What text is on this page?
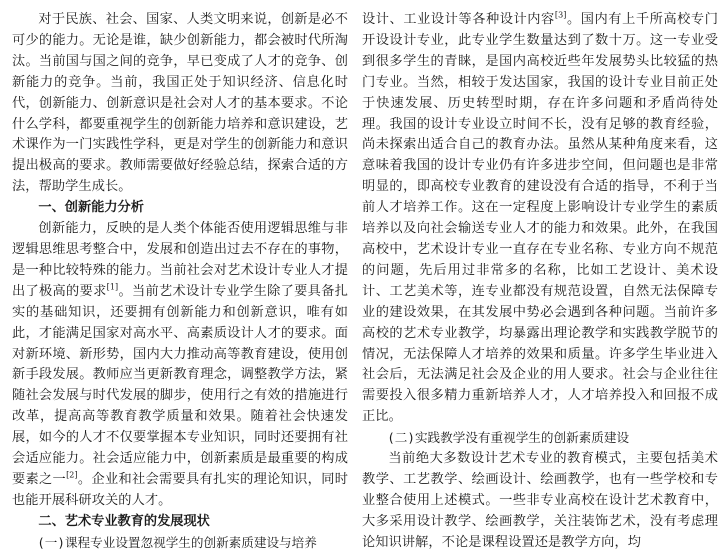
对于民族、社会、国家、人类文明来说，创新是必不可少的能力。无论是谁，缺少创新能力，都会被时代所淘汰。当前国与国之间的竞争，早已变成了人才的竞争、创新能力的竞争。当前，我国正处于知识经济、信息化时代，创新能力、创新意识是社会对人才的基本要求。不论什么学科，都要重视学生的创新能力培养和意识建设，艺术课作为一门实践性学科，更是对学生的创新能力和意识提出极高的要求。教师需要做好经验总结，探索合适的方法，帮助学生成长。

一、创新能力分析

创新能力，反映的是人类个体能否使用逻辑思维与非逻辑思维思考整合中，发展和创造出过去不存在的事物，是一种比较特殊的能力。当前社会对艺术设计专业人才提出了极高的要求[1]。当前艺术设计专业学生除了要具备扎实的基础知识，还要拥有创新能力和创新意识，唯有如此，才能满足国家对高水平、高素质设计人才的要求。面对新环境、新形势，国内大力推动高等教育建设，使用创新手段发展。教师应当更新教育理念，调整教学方法，紧随社会发展与时代发展的脚步，使用行之有效的措施进行改革，提高高等教育教学质量和效果。随着社会快速发展，如今的人才不仅要掌握本专业知识，同时还要拥有社会适应能力。社会适应能力中，创新素质是最重要的构成要素之一[2]。企业和社会需要具有扎实的理论知识，同时也能开展科研攻关的人才。

二、艺术专业教育的发展现状
(一)课程专业设置忽视学生的创新素质建设与培养

设计、工业设计等各种设计内容[3]。国内有上千所高校专门开设设计专业，此专业学生数量达到了数十万。这一专业受到很多学生的青睐，是国内高校近些年发展势头比较猛的热门专业。当然，相较于发达国家，我国的设计专业目前正处于快速发展、历史转型时期，存在许多问题和矛盾尚待处理。我国的设计专业设立时间不长，没有足够的教育经验，尚未探索出适合自己的教育办法。虽然从某种角度来看，这意味着我国的设计专业仍有许多进步空间，但问题也是非常明显的，即高校专业教育的建设没有合适的指导，不利于当前人才培养工作。这在一定程度上影响设计专业学生的素质培养以及向社会输送专业人才的能力和效果。此外，在我国高校中，艺术设计专业一直存在专业名称、专业方向不规范的问题，先后用过非常多的名称，比如工艺设计、美术设计、工艺美术等，连专业都没有规范设置，自然无法保障专业的建设效果，在其发展中势必会遇到各种问题。当前许多高校的艺术专业教学，均暴露出理论教学和实践教学脱节的情况，无法保障人才培养的效果和质量。许多学生毕业进入社会后，无法满足社会及企业的用人要求。社会与企业往往需要投入很多精力重新培养人才，人才培养投入和回报不成正比。

(二)实践教学没有重视学生的创新素质建设

当前绝大多数设计艺术专业的教育模式，主要包括美术教学、工艺教学、绘画设计、绘画教学，也有一些学校和专业整合使用上述模式。一些非专业高校在设计艺术教育中，大多采用设计教学、绘画教学，关注装饰艺术，没有考虑理论知识讲解，不论是课程设置还是教学方向，均
